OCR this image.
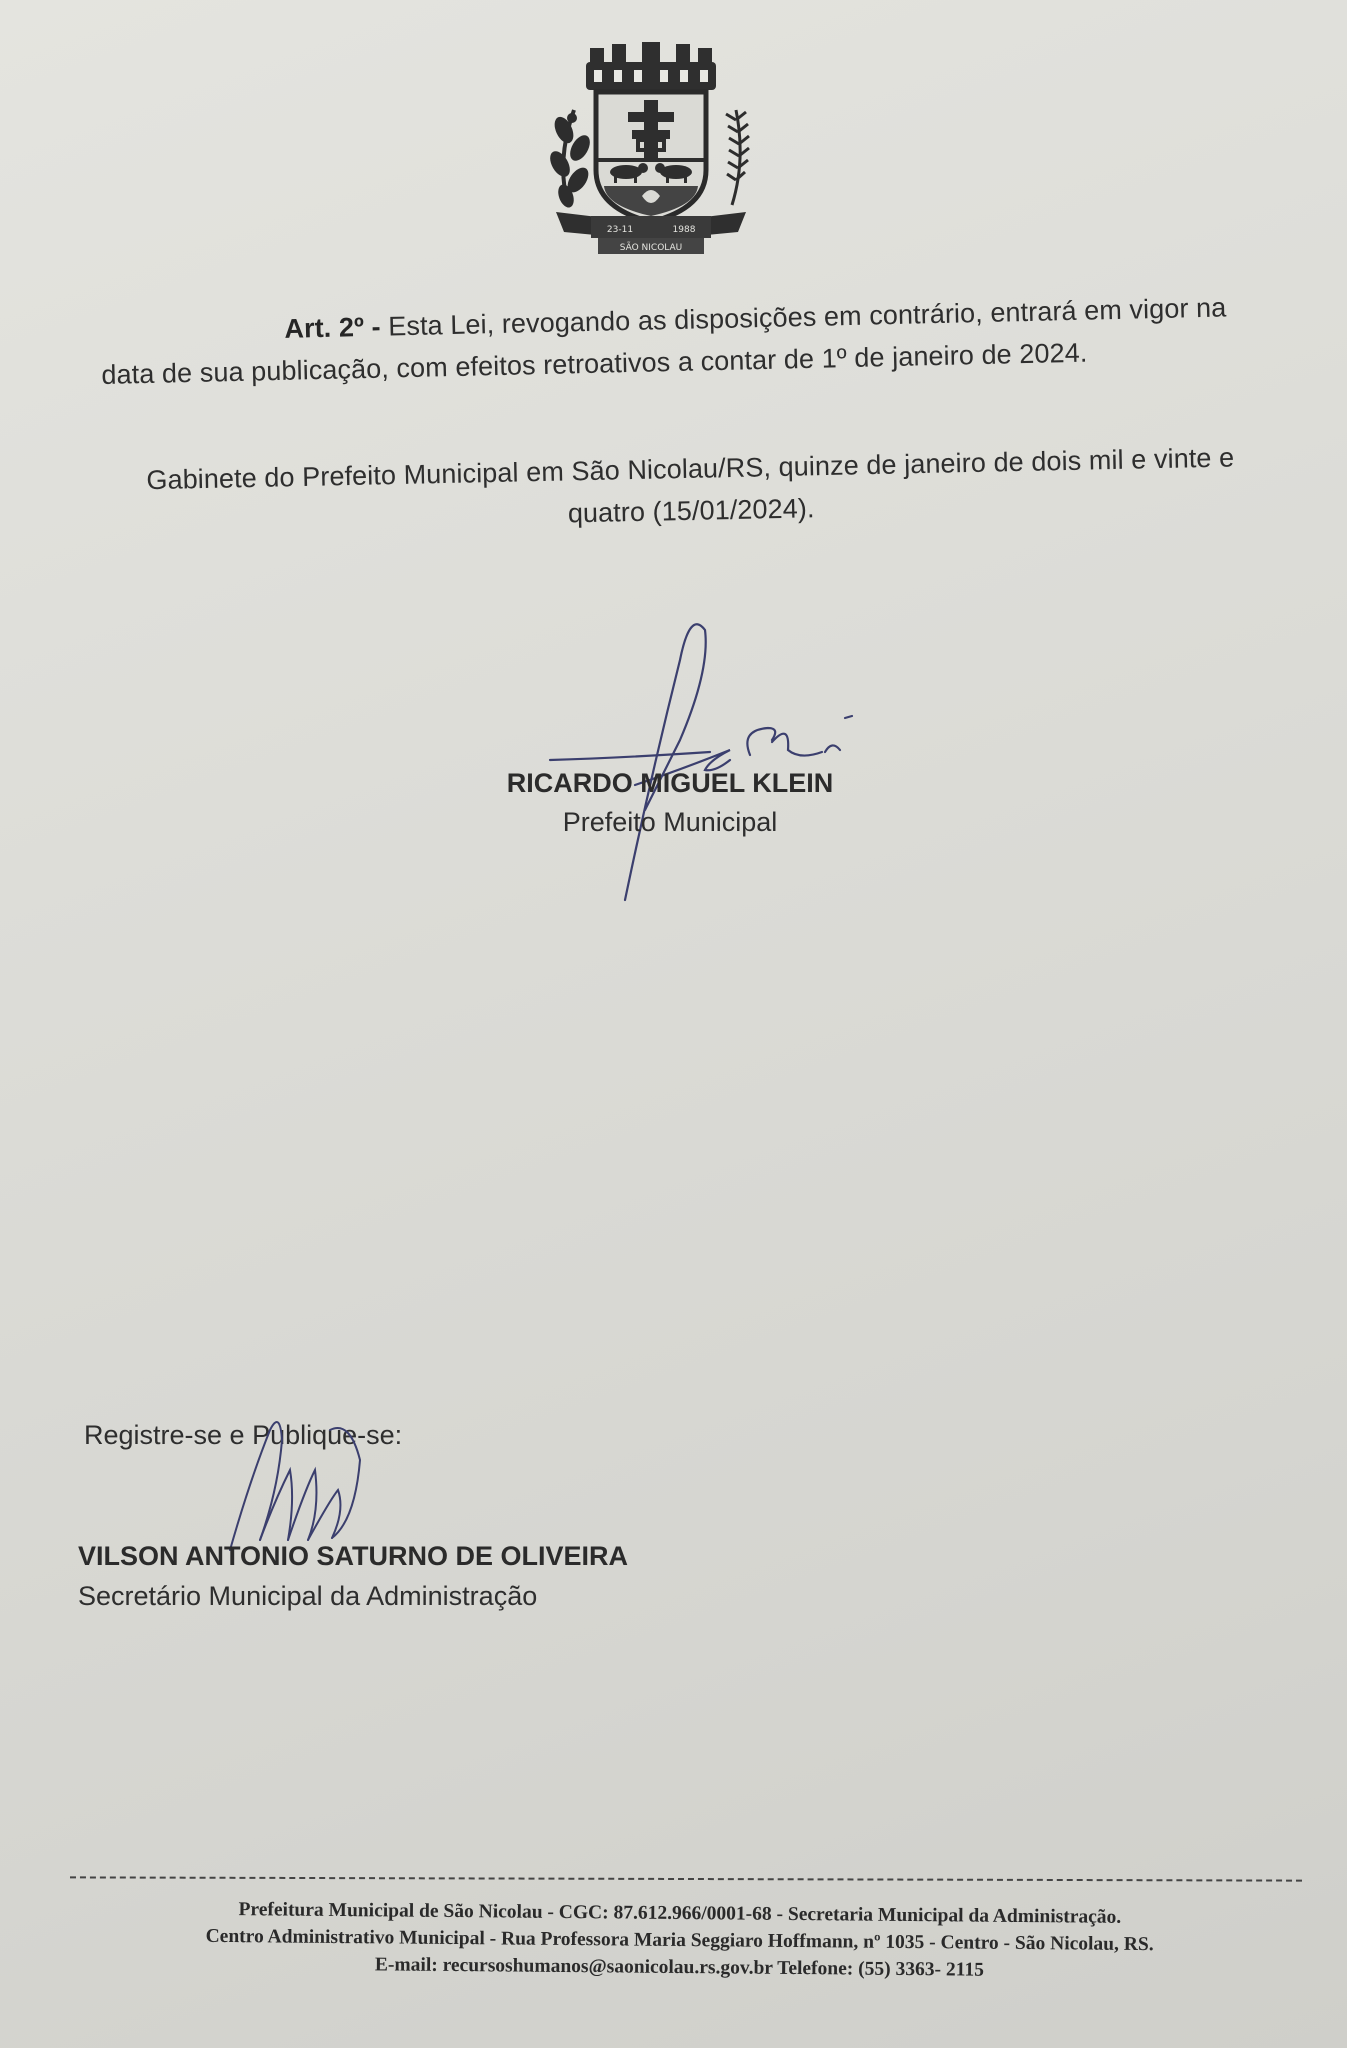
23-11	1988
SÃO NICOLAU
Art. 2º - Esta Lei, revogando as disposições em contrário, entrará em vigor na
data de sua publicação, com efeitos retroativos a contar de 1º de janeiro de 2024.
Gabinete do Prefeito Municipal em São Nicolau/RS, quinze de janeiro de dois mil e vinte e
quatro (15/01/2024).
RICARDO MIGUEL KLEIN
Prefeito Municipal
Registre-se e Publique-se:
VILSON ANTONIO SATURNO DE OLIVEIRA
Secretário Municipal da Administração
Prefeitura Municipal de São Nicolau - CGC: 87.612.966/0001-68 - Secretaria Municipal da Administração.
Centro Administrativo Municipal - Rua Professora Maria Seggiaro Hoffmann, nº 1035 - Centro - São Nicolau, RS.
E-mail: recursoshumanos@saonicolau.rs.gov.br Telefone: (55) 3363- 2115
